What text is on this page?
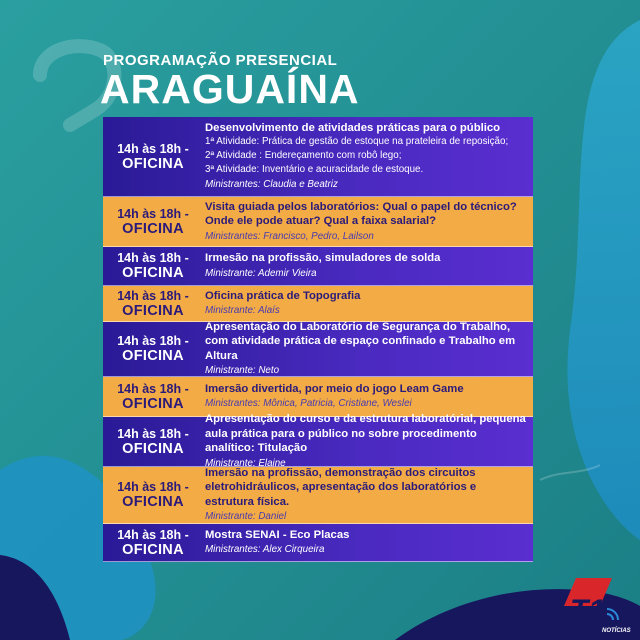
PROGRAMAÇÃO PRESENCIAL
ARAGUAÍNA
14h às 18h -
OFICINA
Desenvolvimento de atividades práticas para o público
1ª Atividade: Prática de gestão de estoque na prateleira de reposição;
2ª Atividade : Endereçamento com robô lego;
3ª Atividade: Inventário e acuracidade de estoque.
Ministrantes: Claudia e Beatriz
14h às 18h -
OFICINA
Visita guiada pelos laboratórios: Qual o papel do técnico? Onde ele pode atuar? Qual a faixa salarial?
Ministrantes: Francisco, Pedro, Lailson
14h às 18h -
OFICINA
Irmesão na profissão, simuladores de solda
Ministrante: Ademir Vieira
14h às 18h -
OFICINA
Oficina prática de Topografia
Ministrante: Alaís
14h às 18h -
OFICINA
Apresentação do Laboratório de Segurança do Trabalho, com atividade prática de espaço confinado e Trabalho em Altura
Ministrante: Neto
14h às 18h -
OFICINA
Imersão divertida, por meio do jogo Leam Game
Ministrantes: Mônica, Patricia, Cristiane, Weslei
14h às 18h -
OFICINA
Apresentação do curso e da estrutura laboratórial, pequena aula prática para o público no sobre procedimento analítico: Titulação
Ministrante: Elaine
14h às 18h -
OFICINA
Imersão na profissão, demonstração dos circuitos eletrohidráulicos, apresentação dos laboratórios e estrutura física.
Ministrante: Daniel
14h às 18h -
OFICINA
Mostra SENAI - Eco Placas
Ministrantes: Alex Cirqueira
T1
NOTÍCIAS
